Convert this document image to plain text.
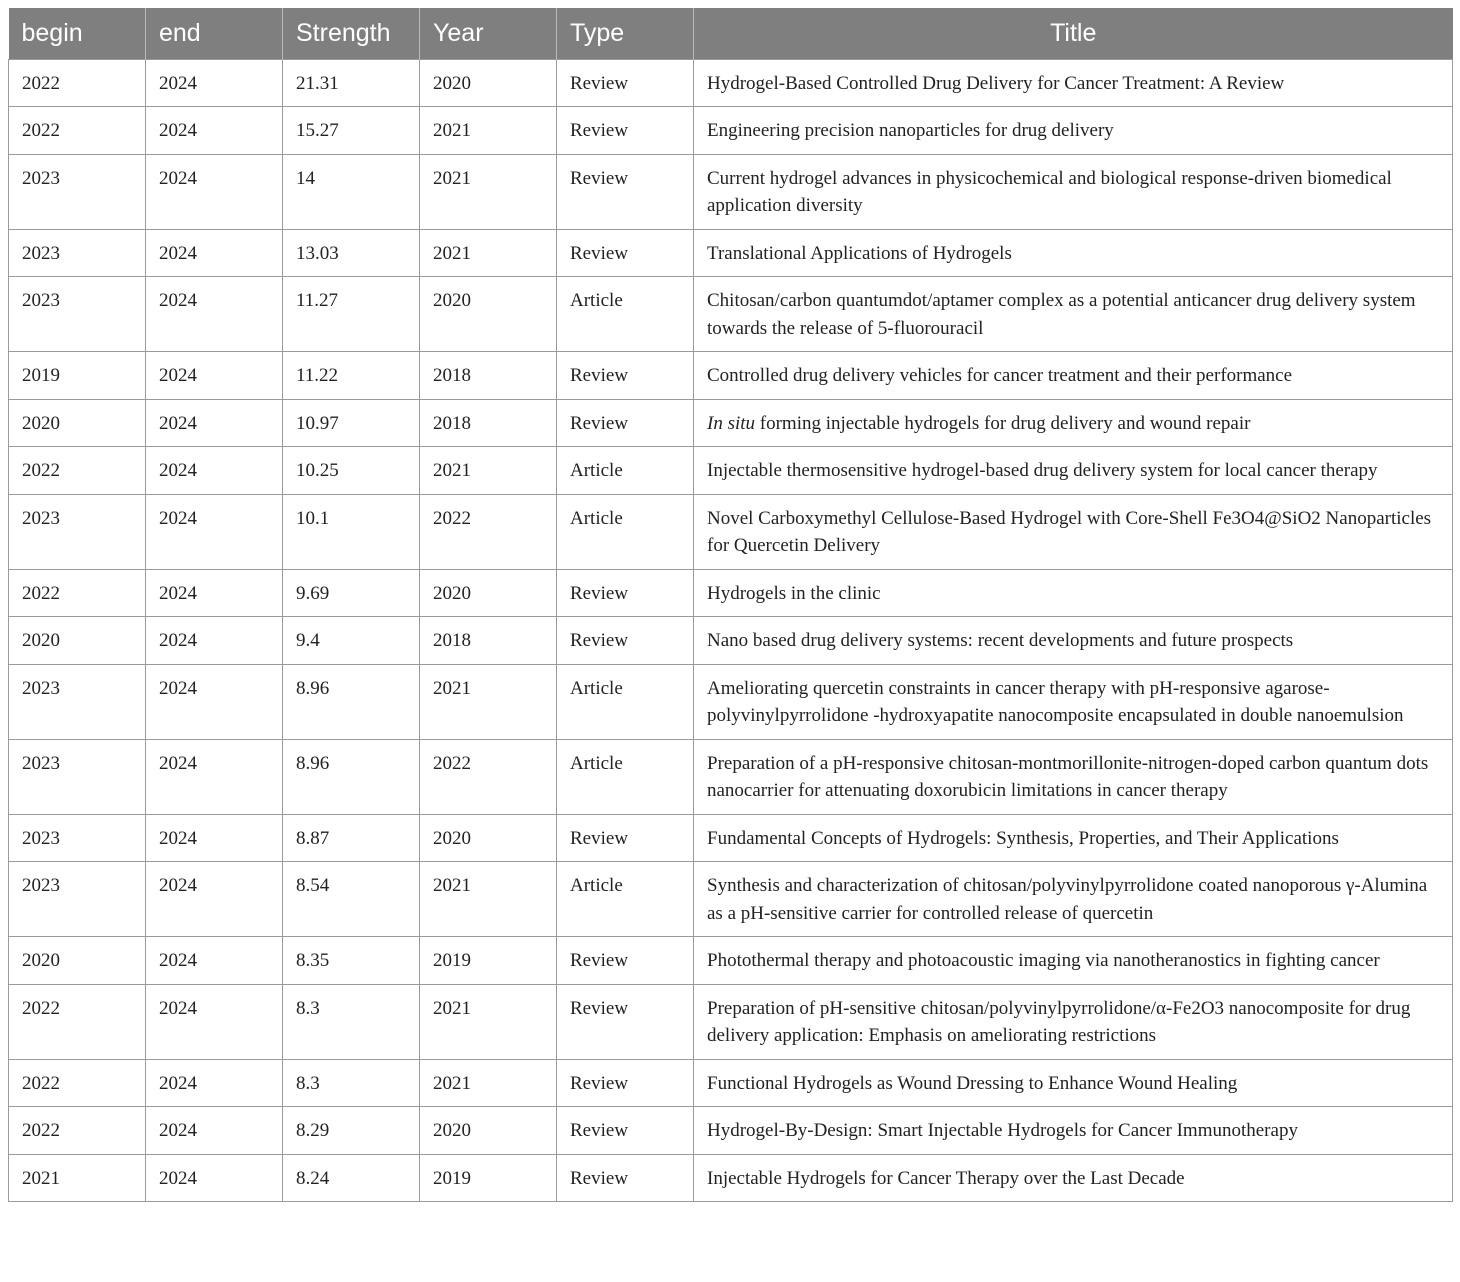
begin	end	Strength	Year	Type	Title
2022	2024	21.31	2020	Review	Hydrogel-Based Controlled Drug Delivery for Cancer Treatment: A Review
2022	2024	15.27	2021	Review	Engineering precision nanoparticles for drug delivery
2023	2024	14	2021	Review	Current hydrogel advances in physicochemical and biological response-driven biomedical application diversity
2023	2024	13.03	2021	Review	Translational Applications of Hydrogels
2023	2024	11.27	2020	Article	Chitosan/carbon quantumdot/aptamer complex as a potential anticancer drug delivery system towards the release of 5-fluorouracil
2019	2024	11.22	2018	Review	Controlled drug delivery vehicles for cancer treatment and their performance
2020	2024	10.97	2018	Review	In situ forming injectable hydrogels for drug delivery and wound repair
2022	2024	10.25	2021	Article	Injectable thermosensitive hydrogel-based drug delivery system for local cancer therapy
2023	2024	10.1	2022	Article	Novel Carboxymethyl Cellulose-Based Hydrogel with Core-Shell Fe3O4@SiO2 Nanoparticles for Quercetin Delivery
2022	2024	9.69	2020	Review	Hydrogels in the clinic
2020	2024	9.4	2018	Review	Nano based drug delivery systems: recent developments and future prospects
2023	2024	8.96	2021	Article	Ameliorating quercetin constraints in cancer therapy with pH-responsive agarose-polyvinylpyrrolidone -hydroxyapatite nanocomposite encapsulated in double nanoemulsion
2023	2024	8.96	2022	Article	Preparation of a pH-responsive chitosan-montmorillonite-nitrogen-doped carbon quantum dots nanocarrier for attenuating doxorubicin limitations in cancer therapy
2023	2024	8.87	2020	Review	Fundamental Concepts of Hydrogels: Synthesis, Properties, and Their Applications
2023	2024	8.54	2021	Article	Synthesis and characterization of chitosan/polyvinylpyrrolidone coated nanoporous γ-Alumina as a pH-sensitive carrier for controlled release of quercetin
2020	2024	8.35	2019	Review	Photothermal therapy and photoacoustic imaging via nanotheranostics in fighting cancer
2022	2024	8.3	2021	Review	Preparation of pH-sensitive chitosan/polyvinylpyrrolidone/α-Fe2O3 nanocomposite for drug delivery application: Emphasis on ameliorating restrictions
2022	2024	8.3	2021	Review	Functional Hydrogels as Wound Dressing to Enhance Wound Healing
2022	2024	8.29	2020	Review	Hydrogel-By-Design: Smart Injectable Hydrogels for Cancer Immunotherapy
2021	2024	8.24	2019	Review	Injectable Hydrogels for Cancer Therapy over the Last Decade
